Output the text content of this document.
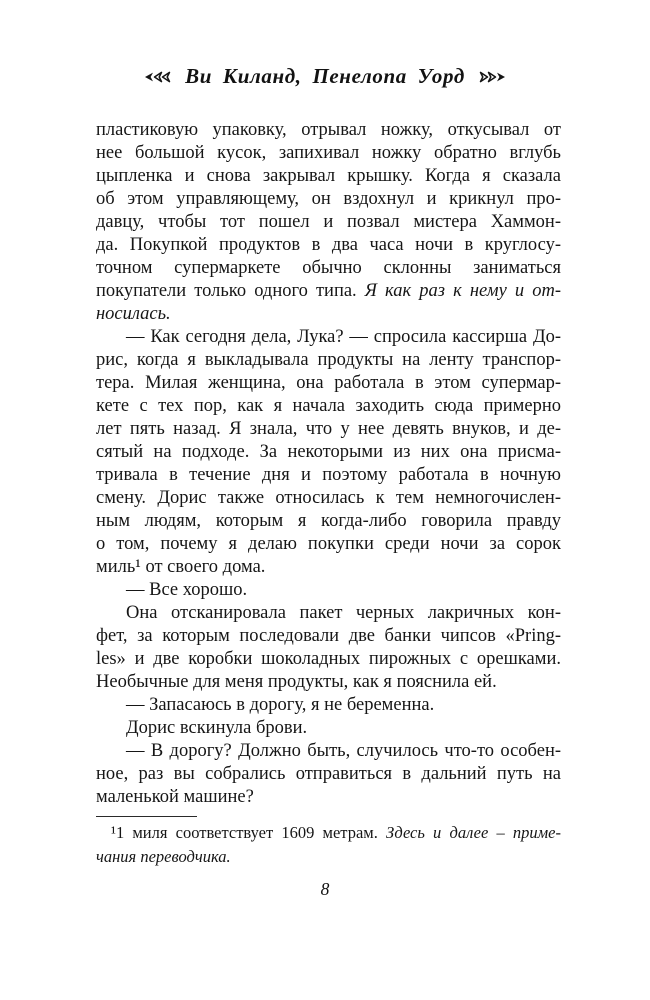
Ви Киланд, Пенелопа Уорд
пластиковую упаковку, отрывал ножку, откусывал от
нее большой кусок, запихивал ножку обратно вглубь
цыпленка и снова закрывал крышку. Когда я сказала
об этом управляющему, он вздохнул и крикнул про-
давцу, чтобы тот пошел и позвал мистера Хаммон-
да. Покупкой продуктов в два часа ночи в круглосу-
точном супермаркете обычно склонны заниматься
покупатели только одного типа. Я как раз к нему и от-
носилась.
— Как сегодня дела, Лука? — спросила кассирша До-
рис, когда я выкладывала продукты на ленту транспор-
тера. Милая женщина, она работала в этом супермар-
кете с тех пор, как я начала заходить сюда примерно
лет пять назад. Я знала, что у нее девять внуков, и де-
сятый на подходе. За некоторыми из них она присма-
тривала в течение дня и поэтому работала в ночную
смену. Дорис также относилась к тем немногочислен-
ным людям, которым я когда-либо говорила правду
о том, почему я делаю покупки среди ночи за сорок
миль¹ от своего дома.
— Все хорошо.
Она отсканировала пакет черных лакричных кон-
фет, за которым последовали две банки чипсов «Pring-
les» и две коробки шоколадных пирожных с орешками.
Необычные для меня продукты, как я пояснила ей.
— Запасаюсь в дорогу, я не беременна.
Дорис вскинула брови.
— В дорогу? Должно быть, случилось что-то особен-
ное, раз вы собрались отправиться в дальний путь на
маленькой машине?
¹1 миля соответствует 1609 метрам. Здесь и далее – приме-
чания переводчика.
8
